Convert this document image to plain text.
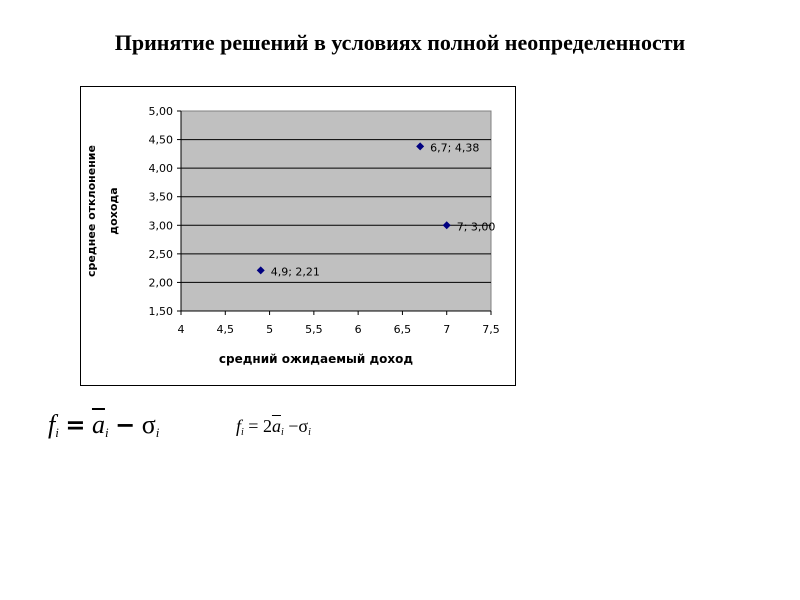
Принятие решений в условиях полной неопределенности
1,50
2,00
2,50
3,00
3,50
4,00
4,50
5,00
4	4,5	5	5,5	6	6,5	7	7,5
средний ожидаемый доход
среднее отклонение дохода
4,9; 2,21
6,7; 4,38
7; 3,00
$f_i = \overline{a}_i - \sigma_i$	$f_i = 2\overline{a}_i -\sigma_i$
